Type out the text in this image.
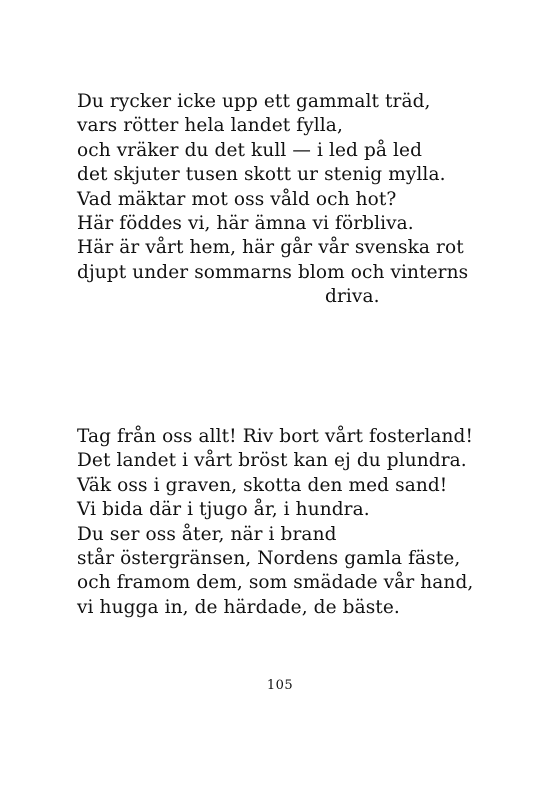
Du rycker icke upp ett gammalt träd,
vars rötter hela landet fylla,
och vräker du det kull — i led på led
det skjuter tusen skott ur stenig mylla.
Vad mäktar mot oss våld och hot?
Här föddes vi, här ämna vi förbliva.
Här är vårt hem, här går vår svenska rot
djupt under sommarns blom och vinterns
driva.
Tag från oss allt! Riv bort vårt fosterland!
Det landet i vårt bröst kan ej du plundra.
Väk oss i graven, skotta den med sand!
Vi bida där i tjugo år, i hundra.
Du ser oss åter, när i brand
står östergränsen, Nordens gamla fäste,
och framom dem, som smädade vår hand,
vi hugga in, de härdade, de bäste.
105
